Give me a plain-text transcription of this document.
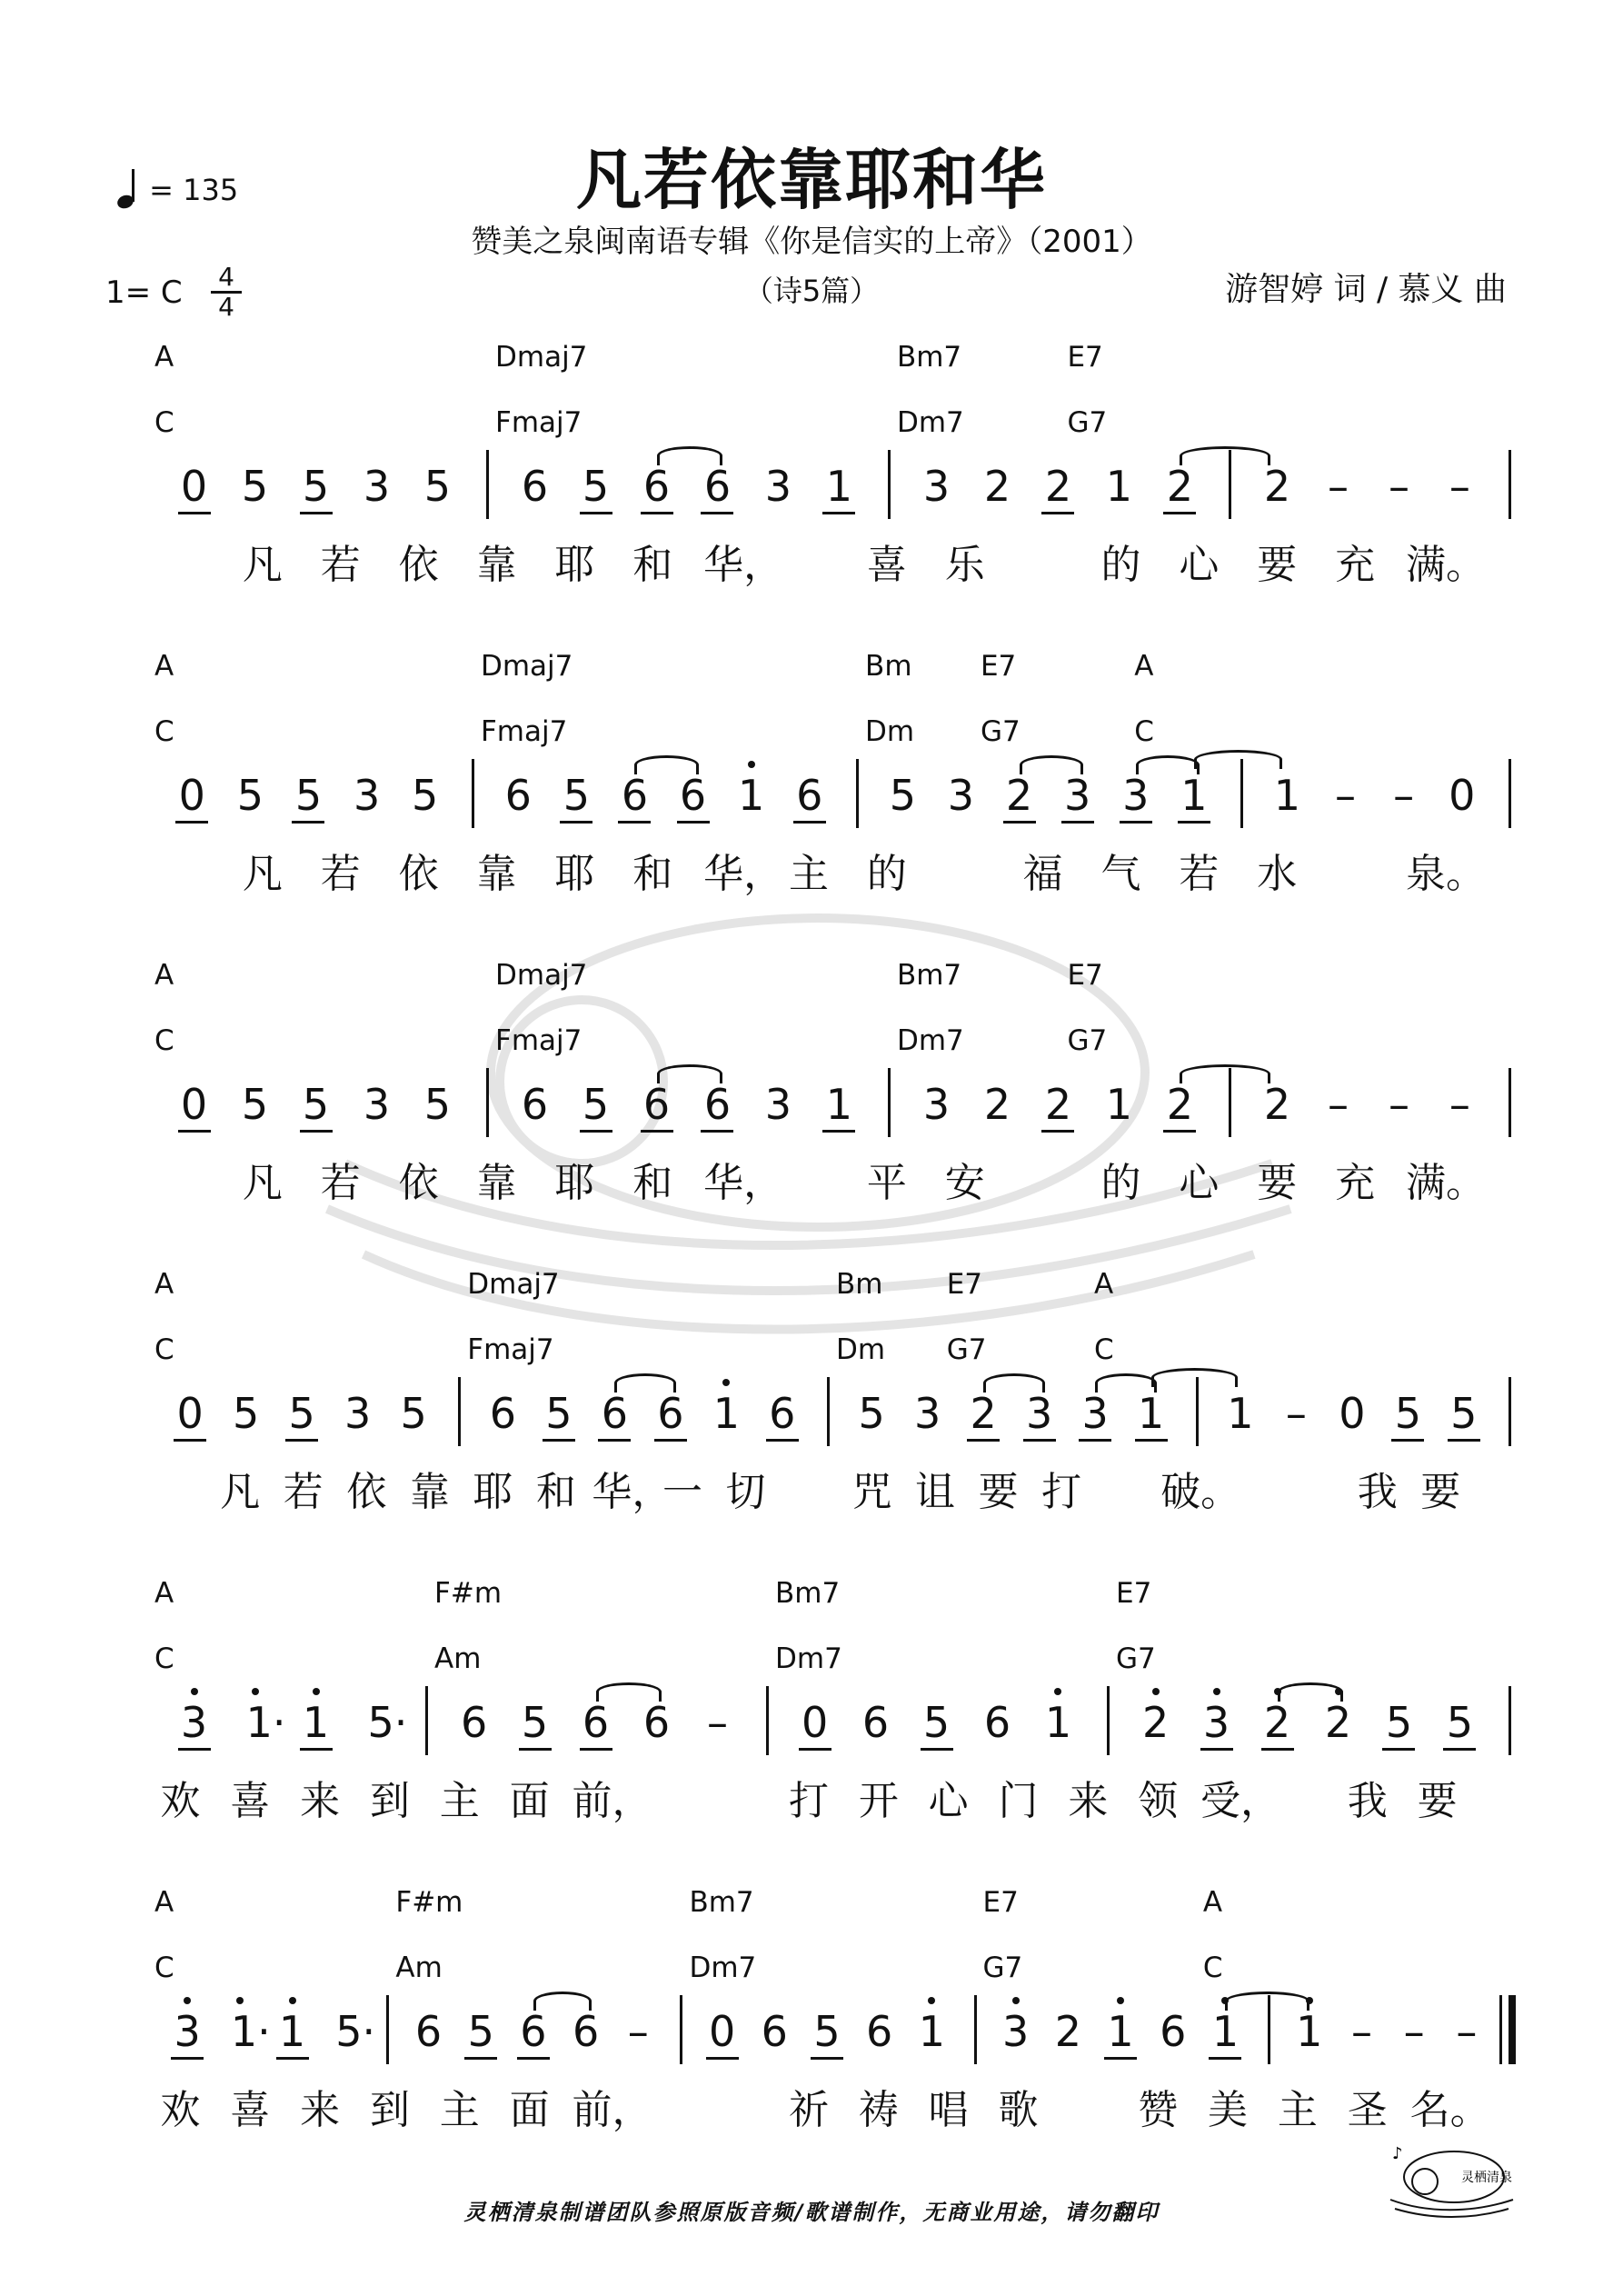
= 135	凡若依靠耶和华
赞美之泉闽南语专辑《你是信实的上帝》（2001）
（诗5篇）	游智婷 词 / 慕义 曲
1= C 4
4
0 5 5 3 5 6 5 6 6 3 1 3 2 2 1 2 2 – – –
A	Dmaj7	Bm7	E7
C	Fmaj7	Dm7	G7
凡 若 依 靠 耶 和 华， 喜 乐	的 心 要 充 满。
0 5 5 3 5 6 5 6 6 1 6 5 3 2 3 3 1 1 – – 0
A	Dmaj7	Bm E7	A
C	Fmaj7	Dm G7	C
凡 若 依 靠 耶 和 华， 主 的	福 气 若 水	泉。
0 5 5 3 5 6 5 6 6 3 1 3 2 2 1 2 2 – – –
A	Dmaj7	Bm7	E7
C	Fmaj7	Dm7	G7
凡 若 依 靠 耶 和 华， 平 安	的 心 要 充 满。
0 5 5 3 5 6 5 6 6 1 6 5 3 2 3 3 1 1 – 0 5 5
A	Dmaj7	Bm E7	A
C	Fmaj7	Dm G7	C
凡 若 依 靠 耶 和 华，
一 切 咒 诅 要 打 破。	我 要
3 1· 1 5· 6 5 6 6 – 0 6 5 6 1 2 3 2 2 5 5
A	F#m	Bm7	E7
C	Am	Dm7	G7
欢 喜 来 到 主 面 前，	打 开 心 门 来 领 受， 我 要
3 1· 1 5· 6 5 6 6 – 0 6 5 6 1 3 2 1 6 1 1 – – –
A	F#m	Bm7	E7	A
C	Am	Dm7	G7	C
欢 喜 来 到 主 面 前，	祈 祷 唱 歌 赞 美 主 圣 名。
灵栖清泉制谱团队参照原版音频/歌谱制作，无商业用途，请勿翻印
♪
灵栖清泉
